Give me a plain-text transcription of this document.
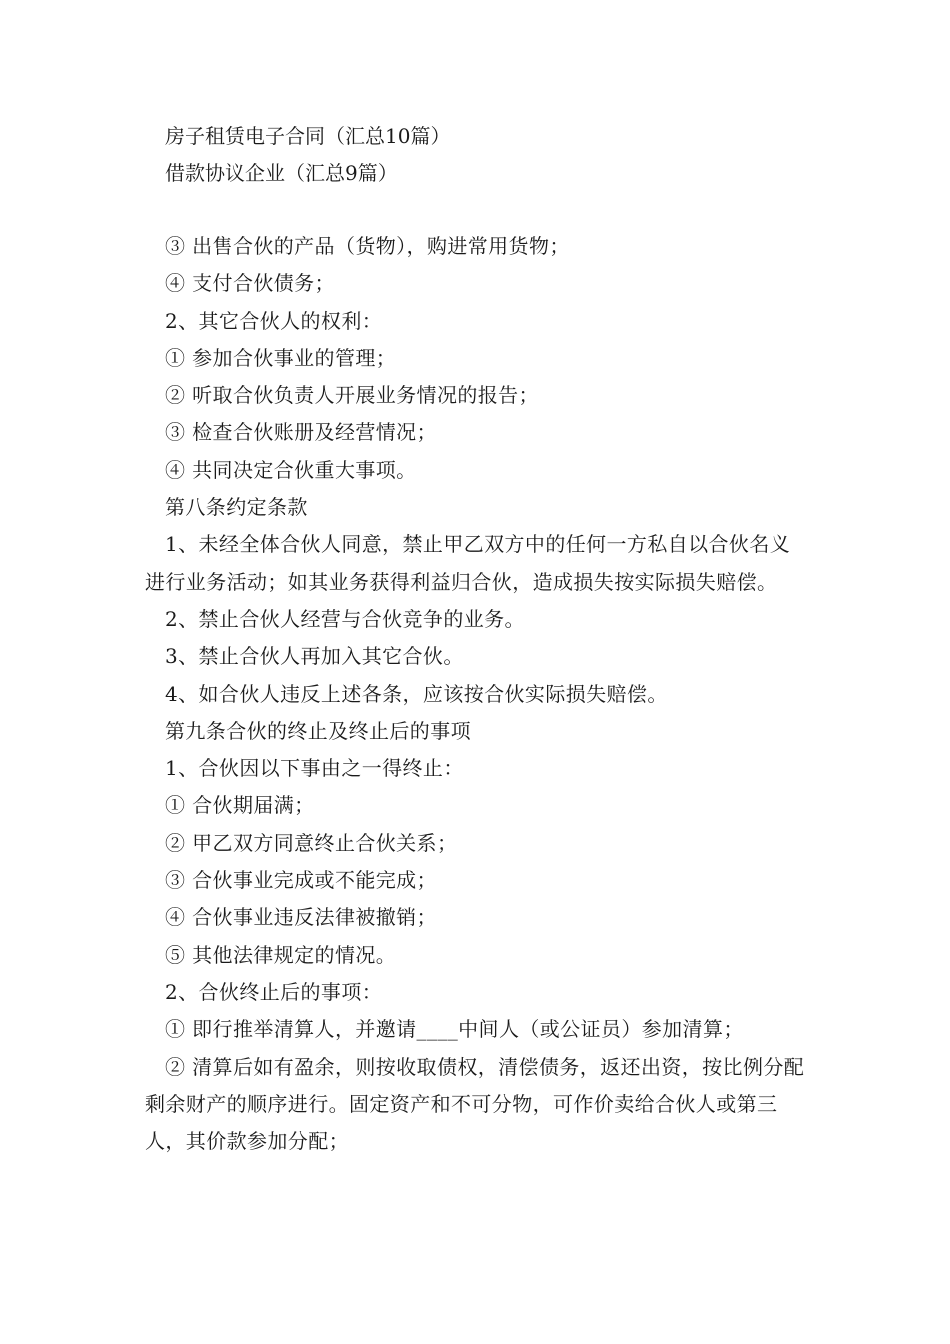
房子租赁电子合同（汇总10篇）
借款协议企业（汇总9篇）

③ 出售合伙的产品（货物），购进常用货物；

④ 支付合伙债务；

2、其它合伙人的权利：

① 参加合伙事业的管理；

② 听取合伙负责人开展业务情况的报告；

③ 检查合伙账册及经营情况；

④ 共同决定合伙重大事项。

第八条约定条款

1、未经全体合伙人同意，禁止甲乙双方中的任何一方私自以合伙名义进行业务活动；如其业务获得利益归合伙，造成损失按实际损失赔偿。

2、禁止合伙人经营与合伙竞争的业务。

3、禁止合伙人再加入其它合伙。

4、如合伙人违反上述各条，应该按合伙实际损失赔偿。

第九条合伙的终止及终止后的事项

1、合伙因以下事由之一得终止：

① 合伙期届满；

② 甲乙双方同意终止合伙关系；

③ 合伙事业完成或不能完成；

④ 合伙事业违反法律被撤销；

⑤ 其他法律规定的情况。

2、合伙终止后的事项：

① 即行推举清算人，并邀请____中间人（或公证员）参加清算；

② 清算后如有盈余，则按收取债权，清偿债务，返还出资，按比例分配剩余财产的顺序进行。固定资产和不可分物，可作价卖给合伙人或第三人，其价款参加分配；
